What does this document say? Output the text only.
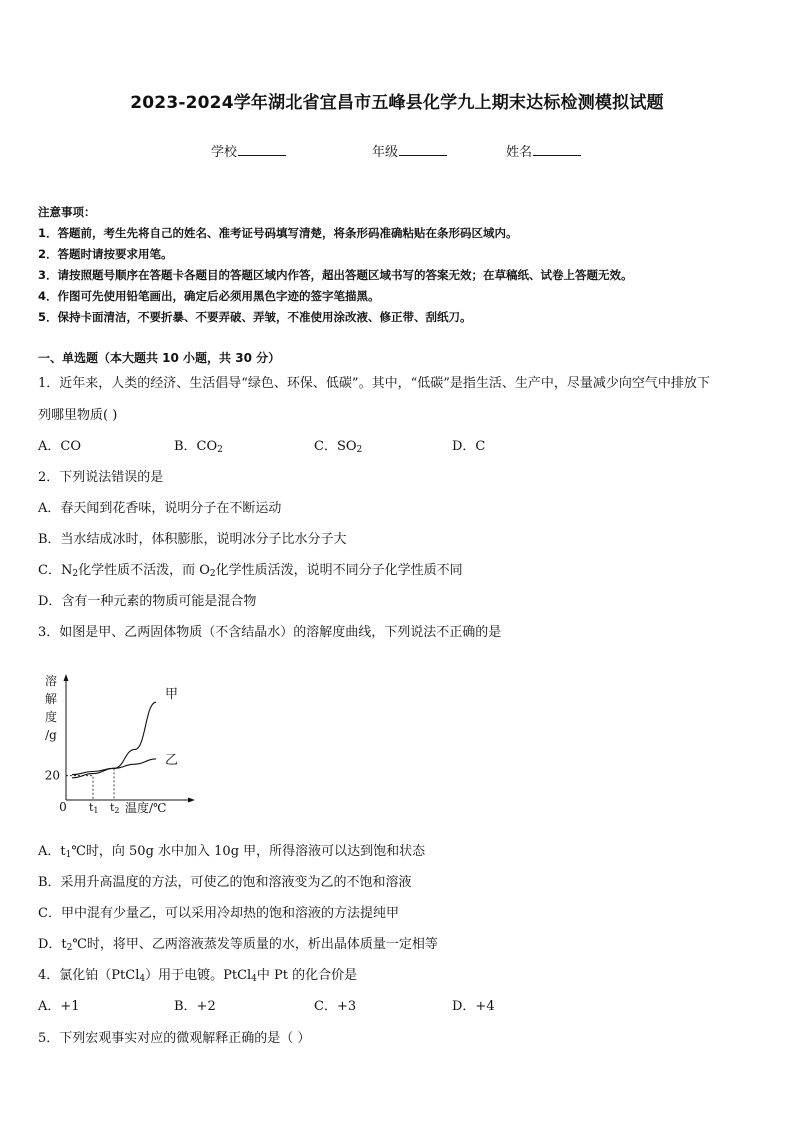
2023-2024学年湖北省宜昌市五峰县化学九上期末达标检测模拟试题
学校	年级	姓名
注意事项：
1．答题前，考生先将自己的姓名、准考证号码填写清楚，将条形码准确粘贴在条形码区域内。
2．答题时请按要求用笔。
3．请按照题号顺序在答题卡各题目的答题区域内作答，超出答题区域书写的答案无效；在草稿纸、试卷上答题无效。
4．作图可先使用铅笔画出，确定后必须用黑色字迹的签字笔描黑。
5．保持卡面清洁，不要折暴、不要弄破、弄皱，不准使用涂改液、修正带、刮纸刀。
一、单选题（本大题共 10 小题，共 30 分）
1．近年来，人类的经济、生活倡导“绿色、环保、低碳”。其中，“低碳”是指生活、生产中，尽量减少向空气中排放下
列哪里物质( )
A．CO	B．$CO_2$	C．$SO_2$	D．C
2．下列说法错误的是
A．春天闻到花香味，说明分子在不断运动
B．当水结成冰时，体积膨胀，说明冰分子比水分子大
C．$N_2$化学性质不活泼，而 $O_2$化学性质活泼，说明不同分子化学性质不同
D．含有一种元素的物质可能是混合物
3．如图是甲、乙两固体物质（不含结晶水）的溶解度曲线，下列说法不正确的是
溶
解
度
/g
20
0 t1 t2 温度/℃
甲
乙
A．$t_1℃$时，向 50g 水中加入 10g 甲，所得溶液可以达到饱和状态
B．采用升高温度的方法，可使乙的饱和溶液变为乙的不饱和溶液
C．甲中混有少量乙，可以采用冷却热的饱和溶液的方法提纯甲
D．$t_2℃$时，将甲、乙两溶液蒸发等质量的水，析出晶体质量一定相等
4．氯化铂（PtCl$_4$）用于电镀。PtCl$_4$中 Pt 的化合价是
A．+1	B．+2	C．+3	D．+4
5．下列宏观事实对应的微观解释正确的是（ ）
